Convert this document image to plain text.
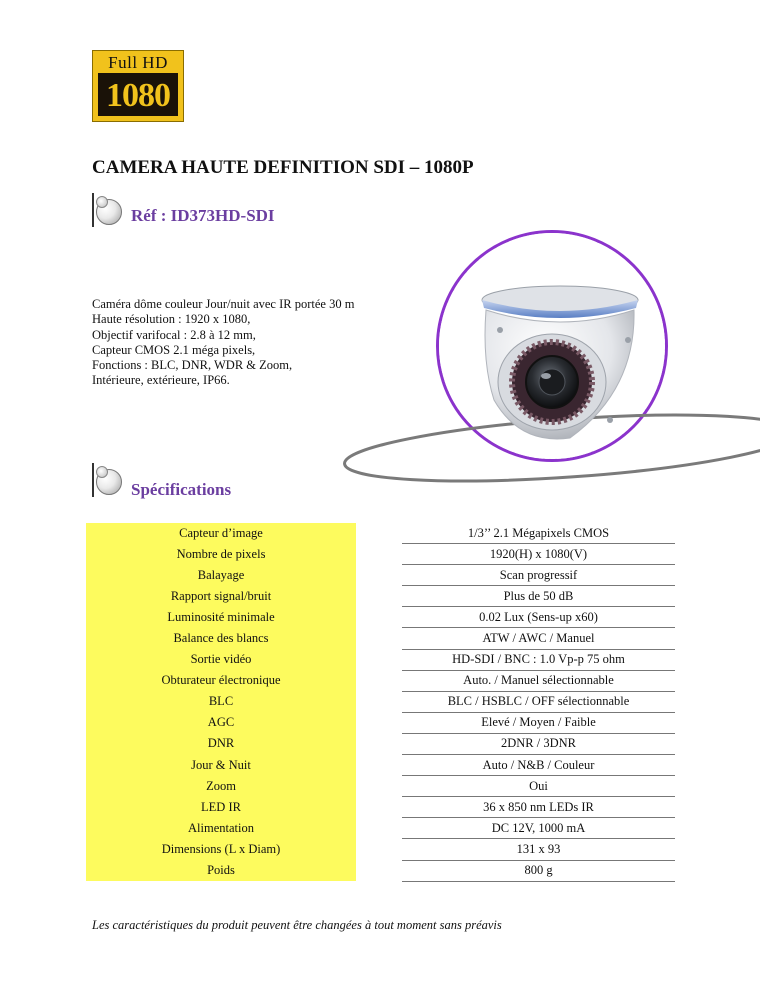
Full HD
1080
CAMERA HAUTE DEFINITION SDI – 1080P
Réf : ID373HD-SDI
Caméra dôme couleur Jour/nuit avec IR portée 30 m
Haute résolution : 1920 x 1080,
Objectif varifocal : 2.8 à 12 mm,
Capteur CMOS 2.1 méga pixels,
Fonctions : BLC, DNR, WDR & Zoom,
Intérieure, extérieure, IP66.
Spécifications
Capteur d’image		1/3’’ 2.1 Mégapixels CMOS
Nombre de pixels		1920(H) x 1080(V)
Balayage		Scan progressif
Rapport signal/bruit		Plus de 50 dB
Luminosité minimale		0.02 Lux (Sens-up x60)
Balance des blancs		ATW / AWC / Manuel
Sortie vidéo		HD-SDI / BNC : 1.0 Vp-p 75 ohm
Obturateur électronique		Auto. / Manuel sélectionnable
BLC		BLC / HSBLC / OFF sélectionnable
AGC		Elevé / Moyen / Faible
DNR		2DNR / 3DNR
Jour & Nuit		Auto / N&B / Couleur
Zoom		Oui
LED IR		36 x 850 nm LEDs IR
Alimentation		DC 12V, 1000 mA
Dimensions (L x Diam)		131 x 93
Poids		800 g
Les caractéristiques du produit peuvent être changées à tout moment sans préavis
